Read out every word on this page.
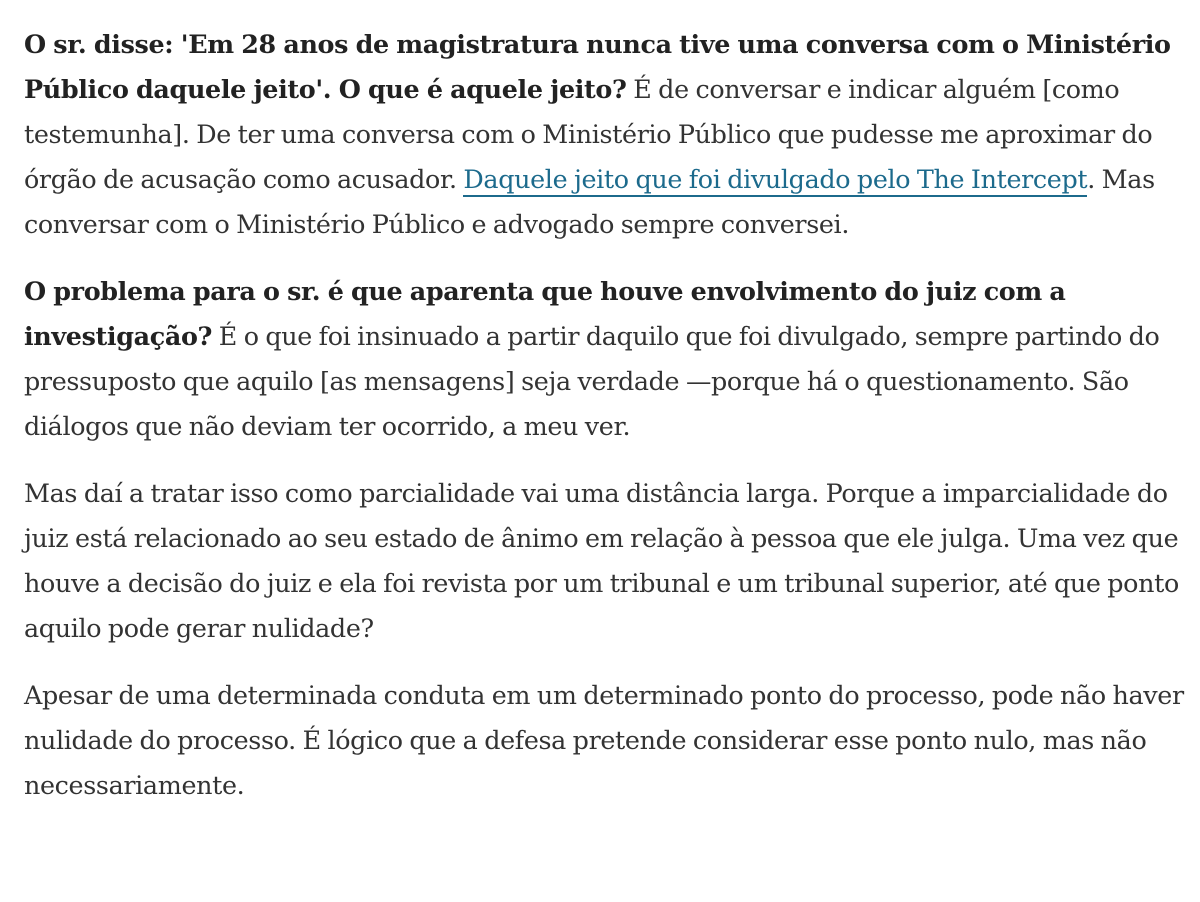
O sr. disse: 'Em 28 anos de magistratura nunca tive uma conversa com o Ministério Público daquele jeito'. O que é aquele jeito? É de conversar e indicar alguém [como testemunha]. De ter uma conversa com o Ministério Público que pudesse me aproximar do órgão de acusação como acusador. Daquele jeito que foi divulgado pelo The Intercept. Mas conversar com o Ministério Público e advogado sempre conversei.

O problema para o sr. é que aparenta que houve envolvimento do juiz com a investigação? É o que foi insinuado a partir daquilo que foi divulgado, sempre partindo do pressuposto que aquilo [as mensagens] seja verdade —porque há o questionamento. São diálogos que não deviam ter ocorrido, a meu ver.

Mas daí a tratar isso como parcialidade vai uma distância larga. Porque a imparcialidade do juiz está relacionado ao seu estado de ânimo em relação à pessoa que ele julga. Uma vez que houve a decisão do juiz e ela foi revista por um tribunal e um tribunal superior, até que ponto aquilo pode gerar nulidade?

Apesar de uma determinada conduta em um determinado ponto do processo, pode não haver nulidade do processo. É lógico que a defesa pretende considerar esse ponto nulo, mas não necessariamente.
